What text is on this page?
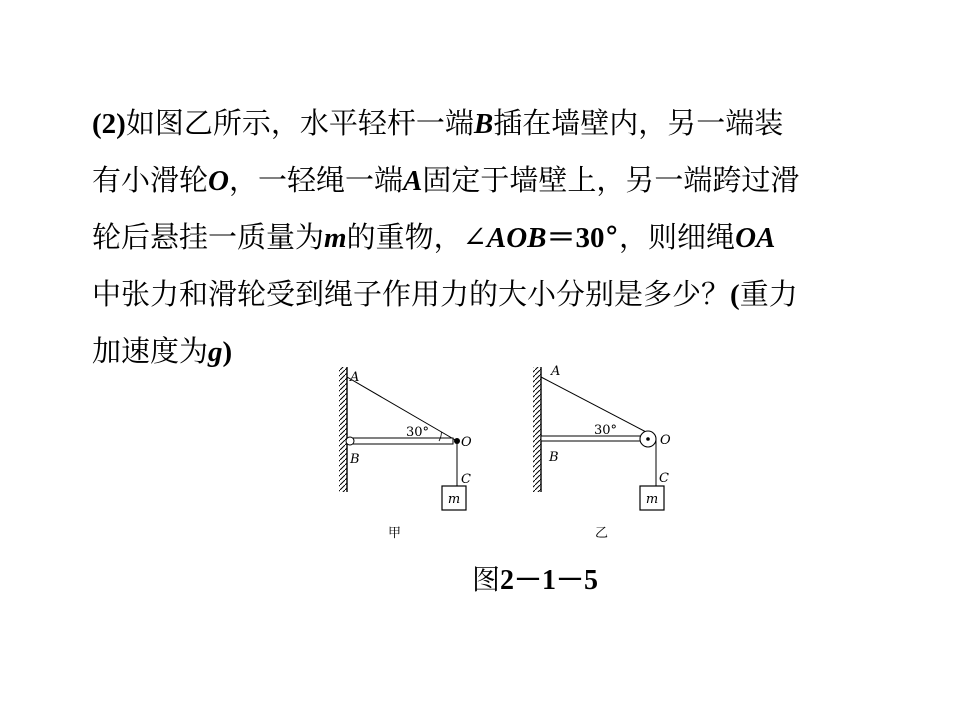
(2)如图乙所示，水平轻杆一端B插在墙壁内，另一端装
有小滑轮O，一轻绳一端A固定于墙壁上，另一端跨过滑
轮后悬挂一质量为m的重物，∠AOB＝30°，则细绳OA
中张力和滑轮受到绳子作用力的大小分别是多少？(重力
加速度为g)
A
B
O
C
m
30°
甲
A
B
O
C
m
30°
乙
图2－1－5
